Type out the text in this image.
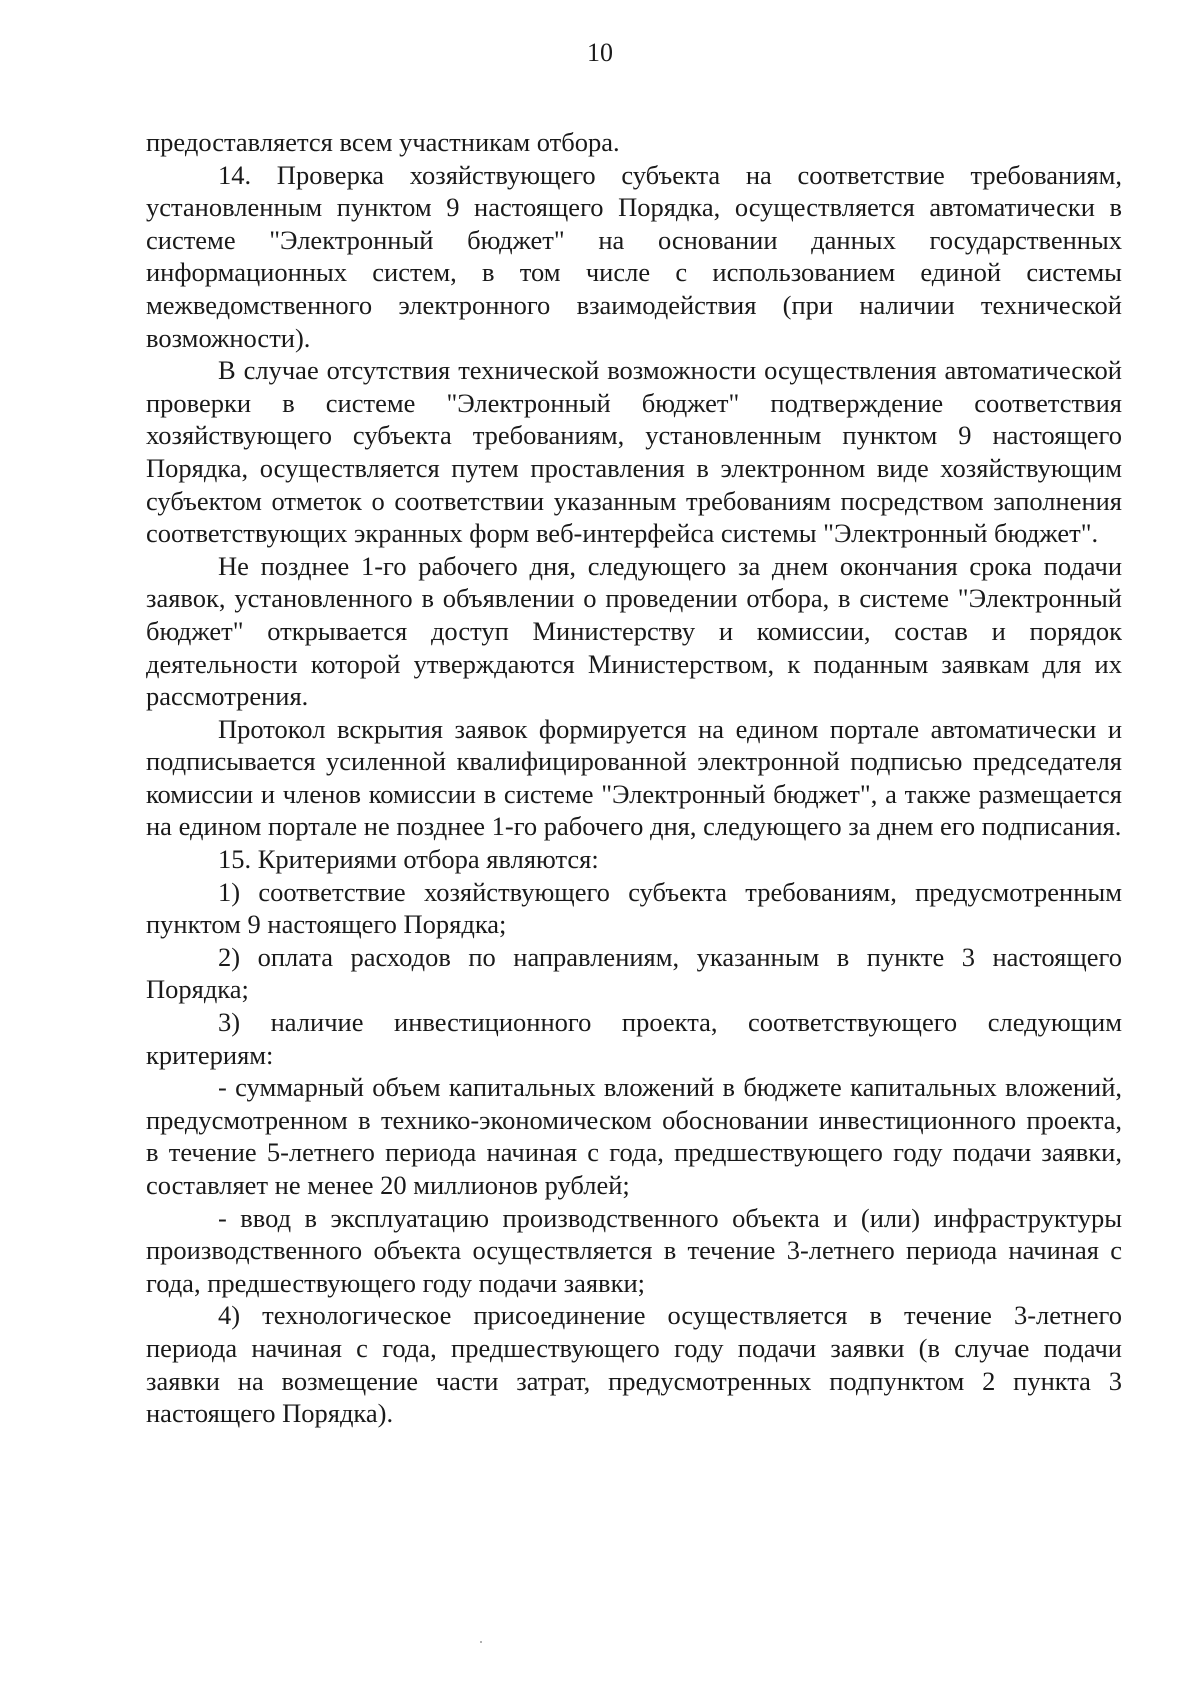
10

предоставляется всем участникам отбора.

14. Проверка хозяйствующего субъекта на соответствие требованиям, установленным пунктом 9 настоящего Порядка, осуществляется автоматически в системе "Электронный бюджет" на основании данных государственных информационных систем, в том числе с использованием единой системы межведомственного электронного взаимодействия (при наличии технической возможности).

В случае отсутствия технической возможности осуществления автоматической проверки в системе "Электронный бюджет" подтверждение соответствия хозяйствующего субъекта требованиям, установленным пунктом 9 настоящего Порядка, осуществляется путем проставления в электронном виде хозяйствующим субъектом отметок о соответствии указанным требованиям посредством заполнения соответствующих экранных форм веб-интерфейса системы "Электронный бюджет".

Не позднее 1-го рабочего дня, следующего за днем окончания срока подачи заявок, установленного в объявлении о проведении отбора, в системе "Электронный бюджет" открывается доступ Министерству и комиссии, состав и порядок деятельности которой утверждаются Министерством, к поданным заявкам для их рассмотрения.

Протокол вскрытия заявок формируется на едином портале автоматически и подписывается усиленной квалифицированной электронной подписью председателя комиссии и членов комиссии в системе "Электронный бюджет", а также размещается на едином портале не позднее 1-го рабочего дня, следующего за днем его подписания.

15. Критериями отбора являются:

1) соответствие хозяйствующего субъекта требованиям, предусмотренным пунктом 9 настоящего Порядка;

2) оплата расходов по направлениям, указанным в пункте 3 настоящего Порядка;

3) наличие инвестиционного проекта, соответствующего следующим критериям:

- суммарный объем капитальных вложений в бюджете капитальных вложений, предусмотренном в технико-экономическом обосновании инвестиционного проекта, в течение 5-летнего периода начиная с года, предшествующего году подачи заявки, составляет не менее 20 миллионов рублей;

- ввод в эксплуатацию производственного объекта и (или) инфраструктуры производственного объекта осуществляется в течение 3-летнего периода начиная с года, предшествующего году подачи заявки;

4) технологическое присоединение осуществляется в течение 3-летнего периода начиная с года, предшествующего году подачи заявки (в случае подачи заявки на возмещение части затрат, предусмотренных подпунктом 2 пункта 3 настоящего Порядка).
